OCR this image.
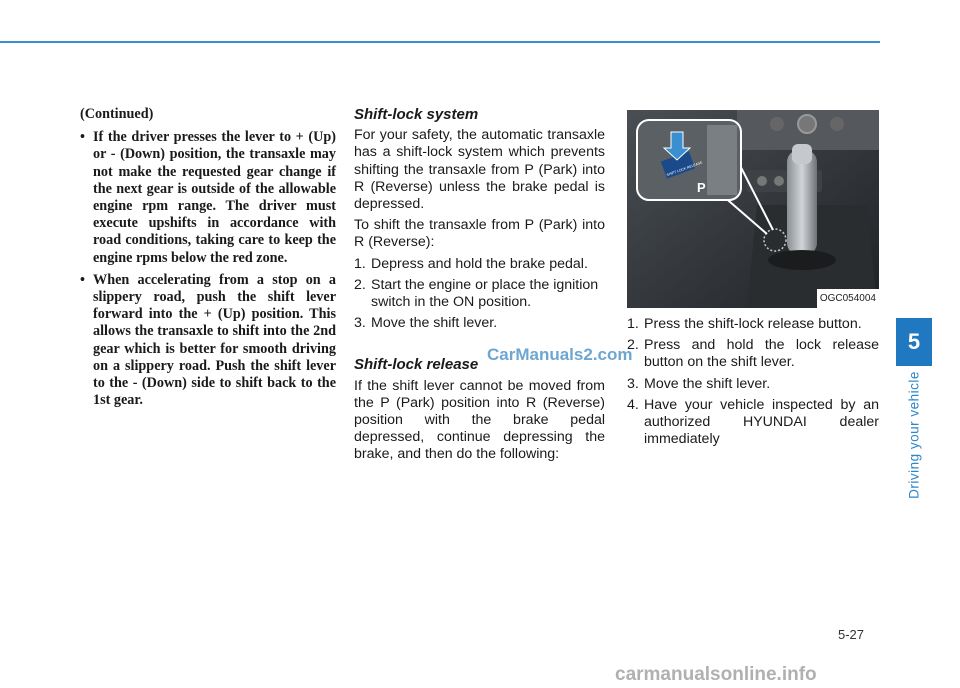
(Continued)

• If the driver presses the lever to + (Up) or - (Down) position, the transaxle may not make the requested gear change if the next gear is outside of the allowable engine rpm range. The driver must execute upshifts in accordance with road conditions, taking care to keep the engine rpms below the red zone.
• When accelerating from a stop on a slippery road, push the shift lever forward into the + (Up) position. This allows the transaxle to shift into the 2nd gear which is better for smooth driving on a slippery road. Push the shift lever to the - (Down) side to shift back to the 1st gear.
Shift-lock system

For your safety, the automatic transaxle has a shift-lock system which prevents shifting the transaxle from P (Park) into R (Reverse) unless the brake pedal is depressed.

To shift the transaxle from P (Park) into R (Reverse):

1. Depress and hold the brake pedal.
2. Start the engine or place the ignition switch in the ON position.
3. Move the shift lever.
Shift-lock release

If the shift lever cannot be moved from the P (Park) position into R (Reverse) position with the brake pedal depressed, continue depressing the brake, and then do the following:

P
SHIFT LOCK RELEASE
OGC054004
1. Press the shift-lock release button.
2. Press and hold the lock release button on the shift lever.
3. Move the shift lever.
4. Have your vehicle inspected by an authorized HYUNDAI dealer immediately
5
Driving your vehicle
5-27
CarManuals2.com
carmanualsonline.info
